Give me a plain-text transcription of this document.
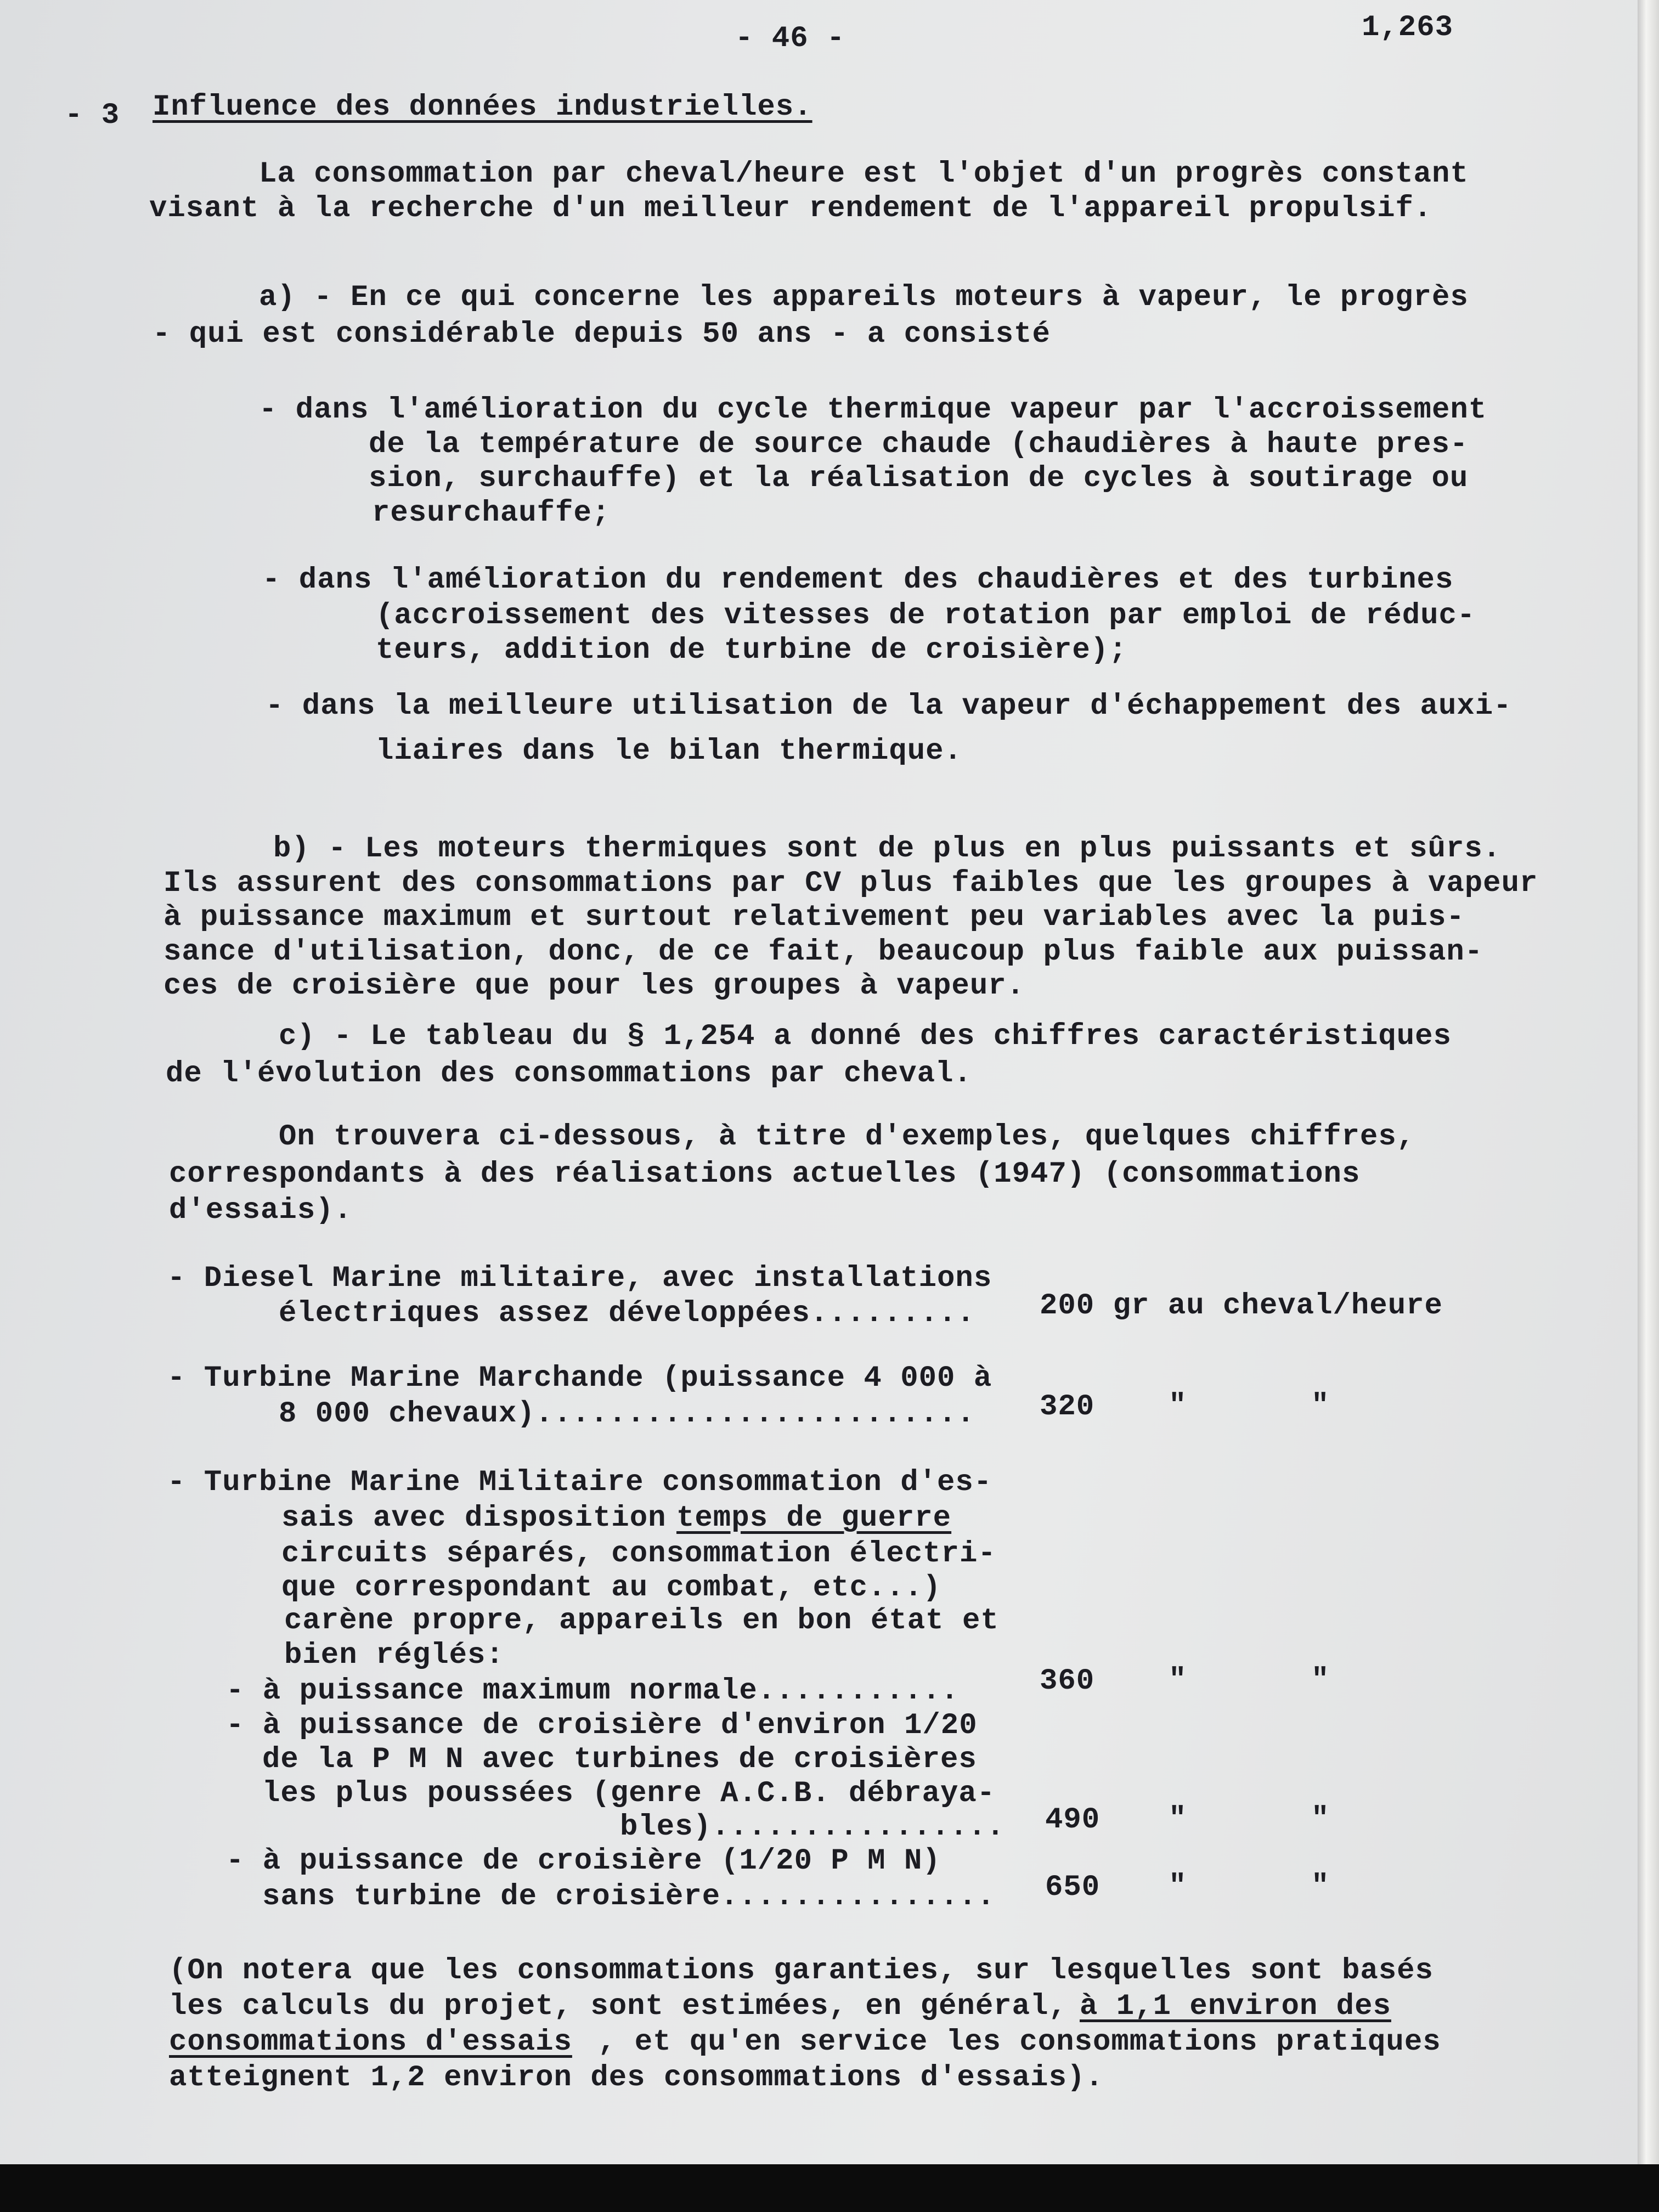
- 46 -	1,263
- 3 Influence des données industrielles.
La consommation par cheval/heure est l'objet d'un progrès constant
visant à la recherche d'un meilleur rendement de l'appareil propulsif.
a) - En ce qui concerne les appareils moteurs à vapeur, le progrès
- qui est considérable depuis 50 ans - a consisté
- dans l'amélioration du cycle thermique vapeur par l'accroissement
de la température de source chaude (chaudières à haute pres-
sion, surchauffe) et la réalisation de cycles à soutirage ou
resurchauffe;
- dans l'amélioration du rendement des chaudières et des turbines
(accroissement des vitesses de rotation par emploi de réduc-
teurs, addition de turbine de croisière);
- dans la meilleure utilisation de la vapeur d'échappement des auxi-
liaires dans le bilan thermique.
b) - Les moteurs thermiques sont de plus en plus puissants et sûrs.
Ils assurent des consommations par CV plus faibles que les groupes à vapeur
à puissance maximum et surtout relativement peu variables avec la puis-
sance d'utilisation, donc, de ce fait, beaucoup plus faible aux puissan-
ces de croisière que pour les groupes à vapeur.
c) - Le tableau du § 1,254 a donné des chiffres caractéristiques
de l'évolution des consommations par cheval.
On trouvera ci-dessous, à titre d'exemples, quelques chiffres,
correspondants à des réalisations actuelles (1947) (consommations
d'essais).
- Diesel Marine militaire, avec installations
électriques assez développées......... 200 gr au cheval/heure
- Turbine Marine Marchande (puissance 4 000 à
8 000 chevaux)........................ 320 "	"
- Turbine Marine Militaire consommation d'es-
sais avec disposition temps de guerre
circuits séparés, consommation électri-
que correspondant au combat, etc...)
carène propre, appareils en bon état et
bien réglés:
- à puissance maximum normale...........	360 "	"
- à puissance de croisière d'environ 1/20
de la P M N avec turbines de croisières
les plus poussées (genre A.C.B. débraya-
bles)................ 490 "	"
- à puissance de croisière (1/20 P M N)
sans turbine de croisière............... 650 "	"
(On notera que les consommations garanties, sur lesquelles sont basés
les calculs du projet, sont estimées, en général, à 1,1 environ des
consommations d'essais , et qu'en service les consommations pratiques
atteignent 1,2 environ des consommations d'essais).
